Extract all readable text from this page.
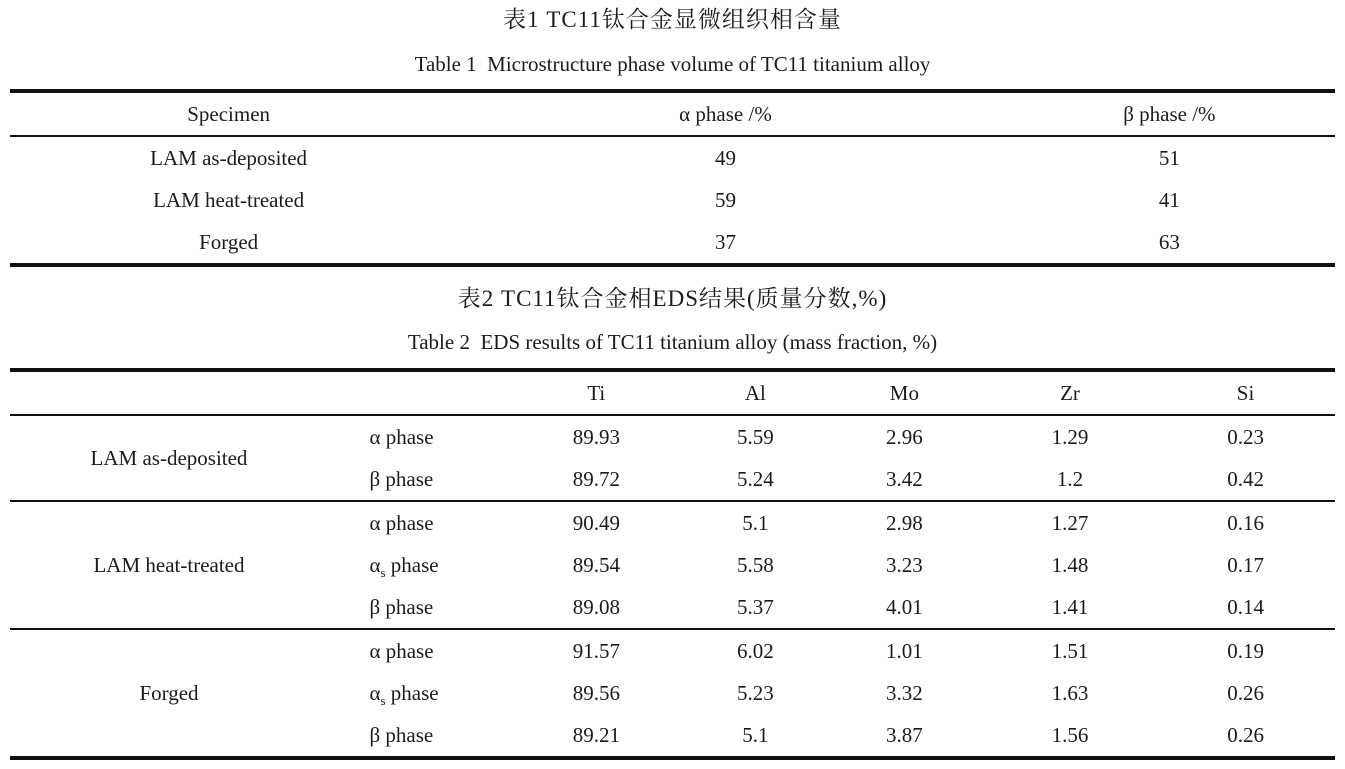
表1 TC11钛合金显微组织相含量
Table 1  Microstructure phase volume of TC11 titanium alloy
Specimen	α phase /%	β phase /%
LAM as-deposited	49	51
LAM heat-treated	59	41
Forged	37	63
表2 TC11钛合金相EDS结果(质量分数,%)
Table 2  EDS results of TC11 titanium alloy (mass fraction, %)
		Ti	Al	Mo	Zr	Si
LAM as-deposited	α phase	89.93	5.59	2.96	1.29	0.23
	β phase	89.72	5.24	3.42	1.2	0.42
LAM heat-treated	α phase	90.49	5.1	2.98	1.27	0.16
	$\alpha_s$ phase	89.54	5.58	3.23	1.48	0.17
	β phase	89.08	5.37	4.01	1.41	0.14
Forged	α phase	91.57	6.02	1.01	1.51	0.19
	$\alpha_s$ phase	89.56	5.23	3.32	1.63	0.26
	β phase	89.21	5.1	3.87	1.56	0.26
